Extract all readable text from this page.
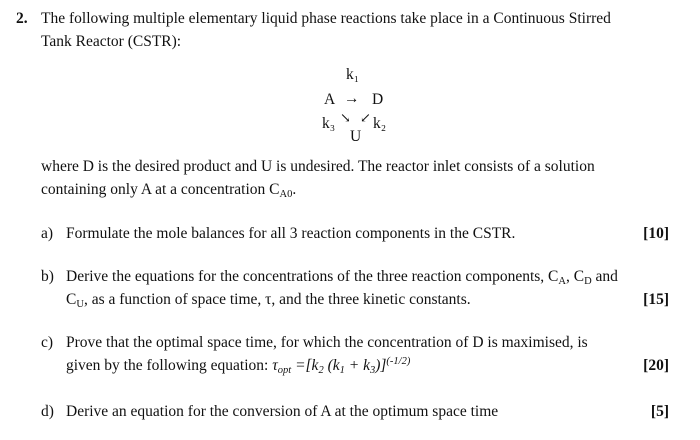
2. The following multiple elementary liquid phase reactions take place in a Continuous Stirred
Tank Reactor (CSTR):
k₁
A → D
k₃ ↘ ↙ k₂
U
where D is the desired product and U is undesired. The reactor inlet consists of a solution
containing only A at a concentration CA0.
a) Formulate the mole balances for all 3 reaction components in the CSTR.	[10]
b) Derive the equations for the concentrations of the three reaction components, CA, CD and
CU, as a function of space time, τ, and the three kinetic constants.	[15]
c) Prove that the optimal space time, for which the concentration of D is maximised, is
given by the following equation: τopt =[k2 (k1 + k3)]$^{(-1/2)}$	[20]
d) Derive an equation for the conversion of A at the optimum space time	[5]
